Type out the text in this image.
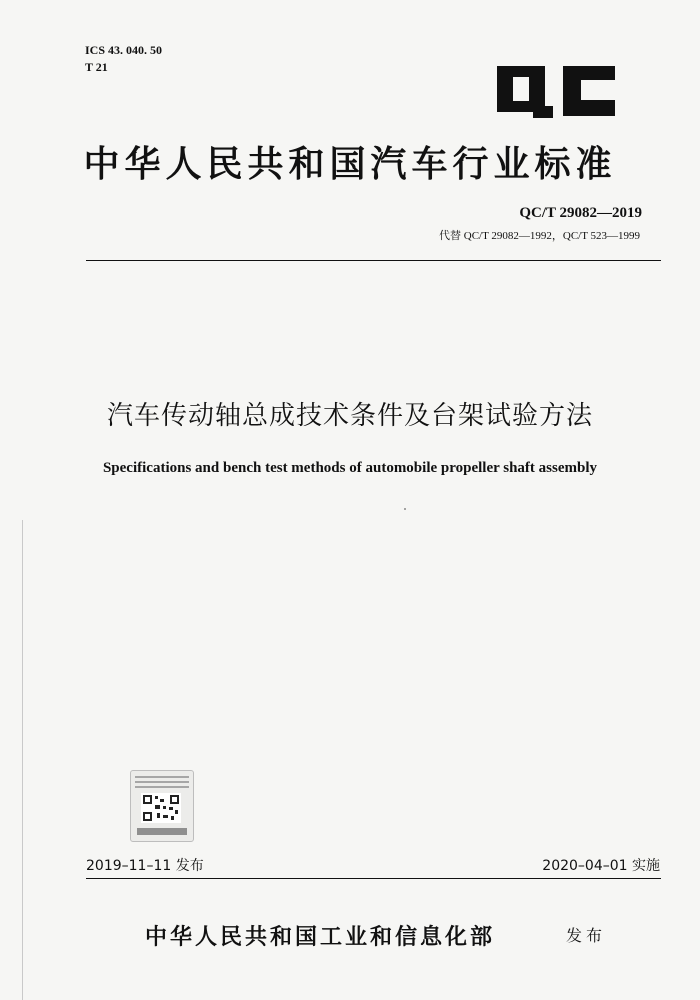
ICS 43. 040. 50
T 21
中华人民共和国汽车行业标准
QC/T 29082—2019
代替 QC/T 29082—1992，QC/T 523—1999
汽车传动轴总成技术条件及台架试验方法
Specifications and bench test methods of automobile propeller shaft assembly
2019–11–11 发布	2020–04–01 实施
中华人民共和国工业和信息化部	发布
